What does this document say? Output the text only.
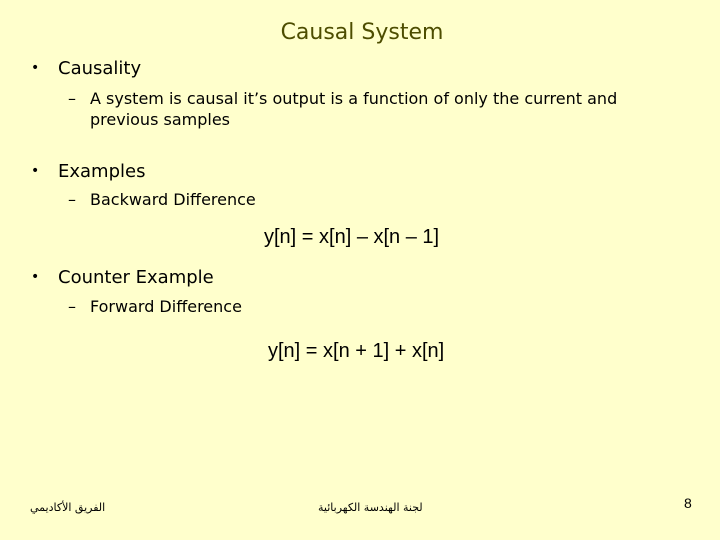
Causal System
• Causality
– A system is causal it’s output is a function of only the current and previous samples
• Examples
– Backward Difference
y[n] = x[n] – x[n – 1]
• Counter Example
– Forward Difference
y[n] = x[n + 1] + x[n]
الفريق الأكاديمي	لجنة الهندسة الكهربائية	8
